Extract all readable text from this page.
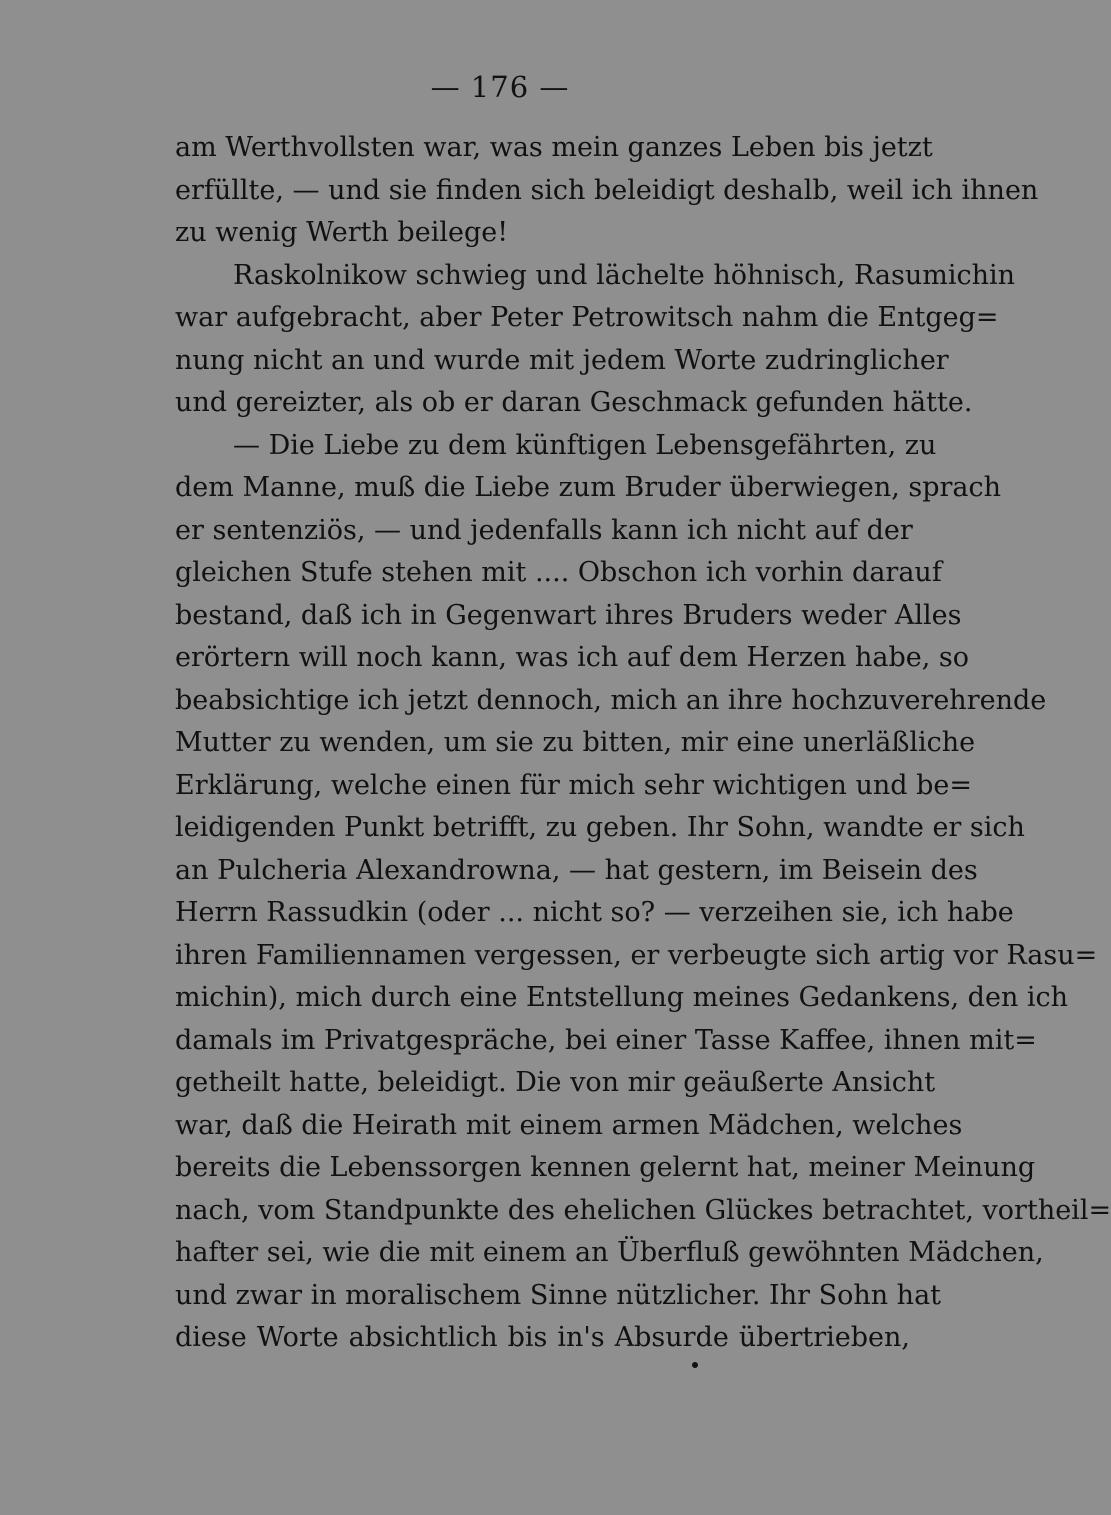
— 176 —
am Werthvollsten war, was mein ganzes Leben bis jetzt
erfüllte, — und sie finden sich beleidigt deshalb, weil ich ihnen
zu wenig Werth beilege!
Raskolnikow schwieg und lächelte höhnisch, Rasumichin
war aufgebracht, aber Peter Petrowitsch nahm die Entgeg=
nung nicht an und wurde mit jedem Worte zudringlicher
und gereizter, als ob er daran Geschmack gefunden hätte.
— Die Liebe zu dem künftigen Lebensgefährten, zu
dem Manne, muß die Liebe zum Bruder überwiegen, sprach
er sentenziös, — und jedenfalls kann ich nicht auf der
gleichen Stufe stehen mit .... Obschon ich vorhin darauf
bestand, daß ich in Gegenwart ihres Bruders weder Alles
erörtern will noch kann, was ich auf dem Herzen habe, so
beabsichtige ich jetzt dennoch, mich an ihre hochzuverehrende
Mutter zu wenden, um sie zu bitten, mir eine unerläßliche
Erklärung, welche einen für mich sehr wichtigen und be=
leidigenden Punkt betrifft, zu geben. Ihr Sohn, wandte er sich
an Pulcheria Alexandrowna, — hat gestern, im Beisein des
Herrn Rassudkin (oder ... nicht so? — verzeihen sie, ich habe
ihren Familiennamen vergessen, er verbeugte sich artig vor Rasu=
michin), mich durch eine Entstellung meines Gedankens, den ich
damals im Privatgespräche, bei einer Tasse Kaffee, ihnen mit=
getheilt hatte, beleidigt. Die von mir geäußerte Ansicht
war, daß die Heirath mit einem armen Mädchen, welches
bereits die Lebenssorgen kennen gelernt hat, meiner Meinung
nach, vom Standpunkte des ehelichen Glückes betrachtet, vortheil=
hafter sei, wie die mit einem an Überfluß gewöhnten Mädchen,
und zwar in moralischem Sinne nützlicher. Ihr Sohn hat
diese Worte absichtlich bis in's Absurde übertrieben,
